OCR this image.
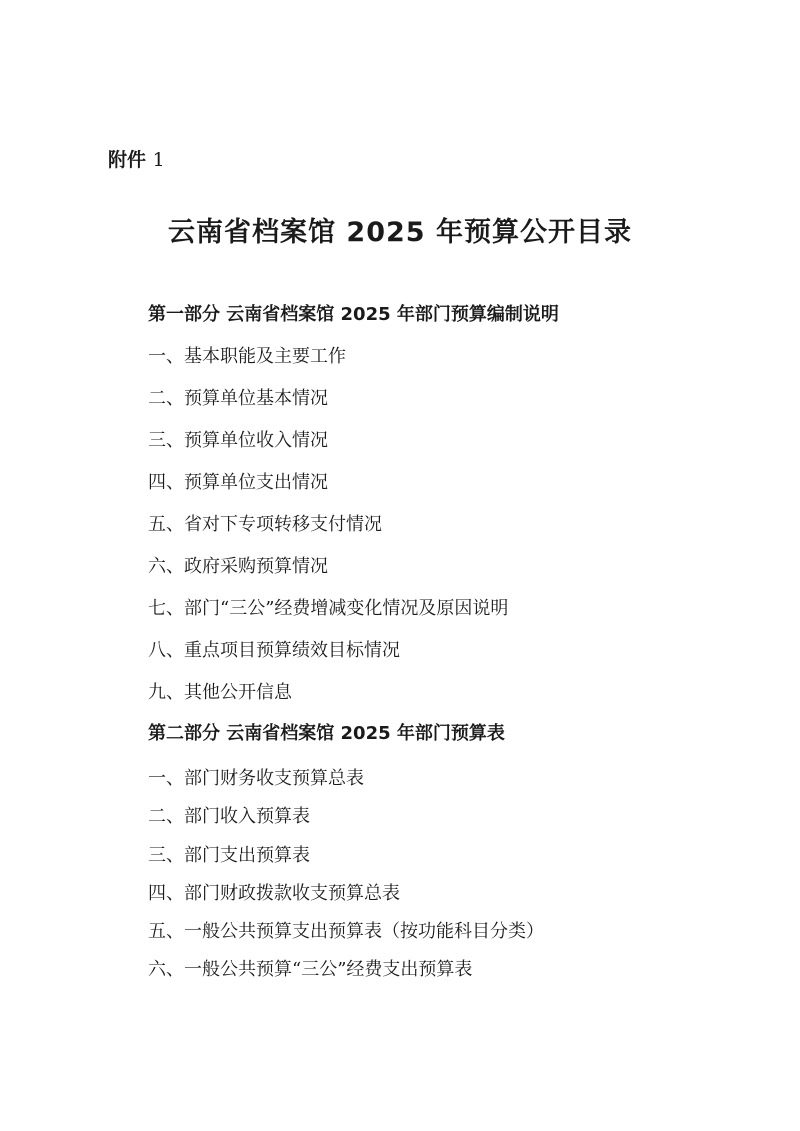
附件 1
云南省档案馆 2025 年预算公开目录
第一部分 云南省档案馆 2025 年部门预算编制说明
一、基本职能及主要工作
二、预算单位基本情况
三、预算单位收入情况
四、预算单位支出情况
五、省对下专项转移支付情况
六、政府采购预算情况
七、部门“三公”经费增减变化情况及原因说明
八、重点项目预算绩效目标情况
九、其他公开信息
第二部分 云南省档案馆 2025 年部门预算表
一、部门财务收支预算总表
二、部门收入预算表
三、部门支出预算表
四、部门财政拨款收支预算总表
五、一般公共预算支出预算表（按功能科目分类）
六、一般公共预算“三公”经费支出预算表
